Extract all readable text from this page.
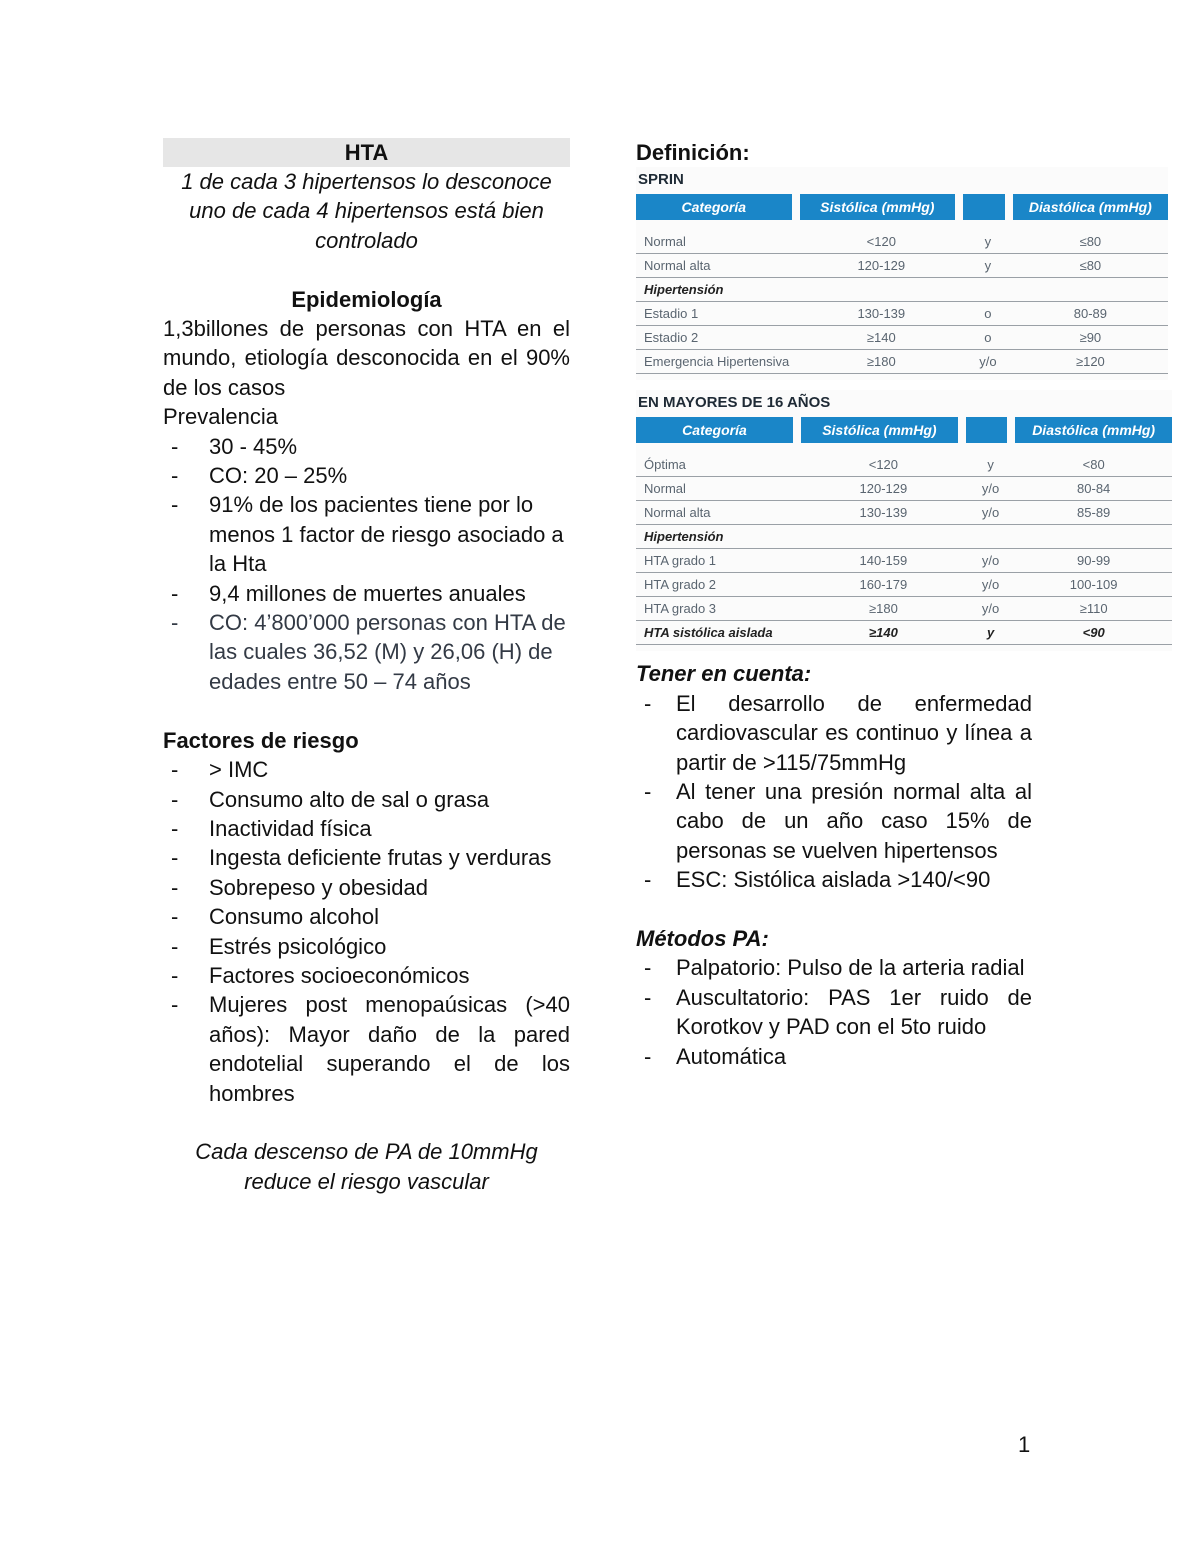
HTA

1 de cada 3 hipertensos lo desconoce

uno de cada 4 hipertensos está bien

controlado

Epidemiología

1,3billones de personas con HTA en el mundo, etiología desconocida en el 90% de los casos

Prevalencia

- 30 - 45%
- CO: 20 – 25%
- 91% de los pacientes tiene por lo menos 1 factor de riesgo asociado a la Hta
- 9,4 millones de muertes anuales
- CO: 4’800’000 personas con HTA de las cuales 36,52 (M) y 26,06 (H) de edades entre 50 – 74 años

Factores de riesgo

- > IMC
- Consumo alto de sal o grasa
- Inactividad física
- Ingesta deficiente frutas y verduras
- Sobrepeso y obesidad
- Consumo alcohol
- Estrés psicológico
- Factores socioeconómicos
- Mujeres post menopaúsicas (>40 años): Mayor daño de la pared endotelial superando el de los hombres

Cada descenso de PA de 10mmHg

reduce el riesgo vascular

Definición:

SPRIN

Categoría	Sistólica (mmHg)		Diastólica (mmHg)
Normal	<120	y	≤80
Normal alta	120-129	y	≤80
Hipertensión			
Estadio 1	130-139	o	80-89
Estadio 2	≥140	o	≥90
Emergencia Hipertensiva	≥180	y/o	≥120

EN MAYORES DE 16 AÑOS

Categoría	Sistólica (mmHg)		Diastólica (mmHg)
Óptima	<120	y	<80
Normal	120-129	y/o	80-84
Normal alta	130-139	y/o	85-89
Hipertensión			
HTA grado 1	140-159	y/o	90-99
HTA grado 2	160-179	y/o	100-109
HTA grado 3	≥180	y/o	≥110
HTA sistólica aislada	≥140	y	<90

Tener en cuenta:

- El desarrollo de enfermedad cardiovascular es continuo y línea a partir de >115/75mmHg
- Al tener una presión normal alta al cabo de un año caso 15% de personas se vuelven hipertensos
- ESC: Sistólica aislada >140/<90

Métodos PA:

- Palpatorio: Pulso de la arteria radial
- Auscultatorio: PAS 1er ruido de Korotkov y PAD con el 5to ruido
- Automática
1
